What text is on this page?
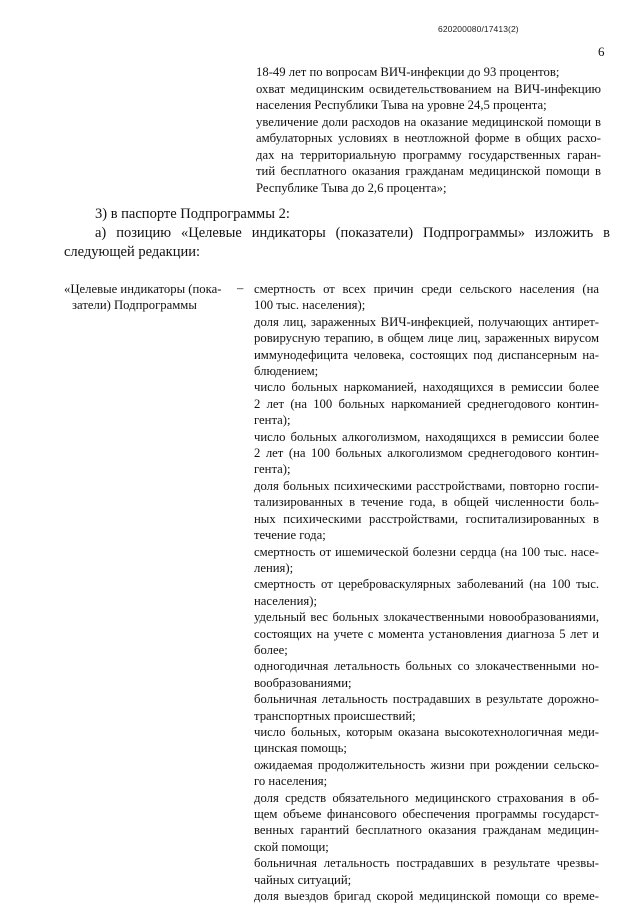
620200080/17413(2)
6
18-49 лет по вопросам ВИЧ-инфекции до 93 процентов;
охват медицинским освидетельствованием на ВИЧ-инфекцию
населения Республики Тыва на уровне 24,5 процента;
увеличение доли расходов на оказание медицинской помощи в
амбулаторных условиях в неотложной форме в общих расхо-
дах на территориальную программу государственных гаран-
тий бесплатного оказания гражданам медицинской помощи в
Республике Тыва до 2,6 процента»;
3) в паспорте Подпрограммы 2:
а) позицию «Целевые индикаторы (показатели) Подпрограммы» изложить в
следующей редакции:
«Целевые индикаторы (пока-
затели) Подпрограммы
– смертность от всех причин среди сельского населения (на
100 тыс. населения);
доля лиц, зараженных ВИЧ-инфекцией, получающих антирет-
ровирусную терапию, в общем лице лиц, зараженных вирусом
иммунодефицита человека, состоящих под диспансерным на-
блюдением;
число больных наркоманией, находящихся в ремиссии более
2 лет (на 100 больных наркоманией среднегодового контин-
гента);
число больных алкоголизмом, находящихся в ремиссии более
2 лет (на 100 больных алкоголизмом среднегодового контин-
гента);
доля больных психическими расстройствами, повторно госпи-
тализированных в течение года, в общей численности боль-
ных психическими расстройствами, госпитализированных в
течение года;
смертность от ишемической болезни сердца (на 100 тыс. насе-
ления);
смертность от цереброваскулярных заболеваний (на 100 тыс.
населения);
удельный вес больных злокачественными новообразованиями,
состоящих на учете с момента установления диагноза 5 лет и
более;
одногодичная летальность больных со злокачественными но-
вообразованиями;
больничная летальность пострадавших в результате дорожно-
транспортных происшествий;
число больных, которым оказана высокотехнологичная меди-
цинская помощь;
ожидаемая продолжительность жизни при рождении сельско-
го населения;
доля средств обязательного медицинского страхования в об-
щем объеме финансового обеспечения программы государст-
венных гарантий бесплатного оказания гражданам медицин-
ской помощи;
больничная летальность пострадавших в результате чрезвы-
чайных ситуаций;
доля выездов бригад скорой медицинской помощи со време-
